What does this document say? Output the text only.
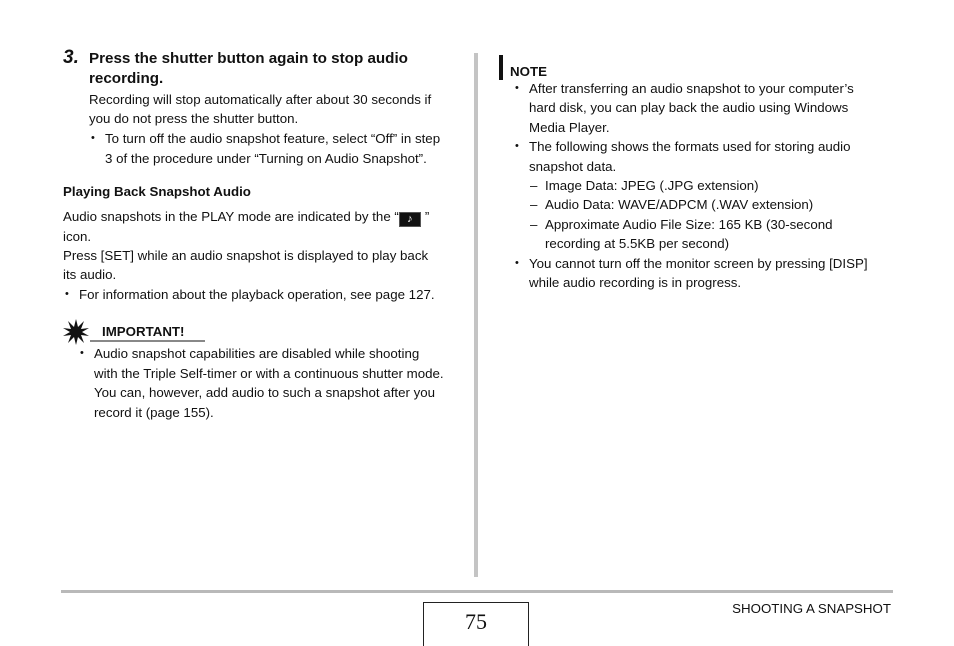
3. Press the shutter button again to stop audio
recording.
Recording will stop automatically after about 30 seconds if
you do not press the shutter button.
• To turn off the audio snapshot feature, select “Off” in step
3 of the procedure under “Turning on Audio Snapshot”.
Playing Back Snapshot Audio
Audio snapshots in the PLAY mode are indicated by the “ ♪ ”
icon.
Press [SET] while an audio snapshot is displayed to play back
its audio.
• For information about the playback operation, see page 127.
IMPORTANT!
• Audio snapshot capabilities are disabled while shooting
with the Triple Self-timer or with a continuous shutter mode.
You can, however, add audio to such a snapshot after you
record it (page 155).
NOTE
• After transferring an audio snapshot to your computer’s
hard disk, you can play back the audio using Windows
Media Player.
• The following shows the formats used for storing audio
snapshot data.
– Image Data: JPEG (.JPG extension)
– Audio Data: WAVE/ADPCM (.WAV extension)
– Approximate Audio File Size: 165 KB (30-second
recording at 5.5KB per second)
• You cannot turn off the monitor screen by pressing [DISP]
while audio recording is in progress.
75
SHOOTING A SNAPSHOT
